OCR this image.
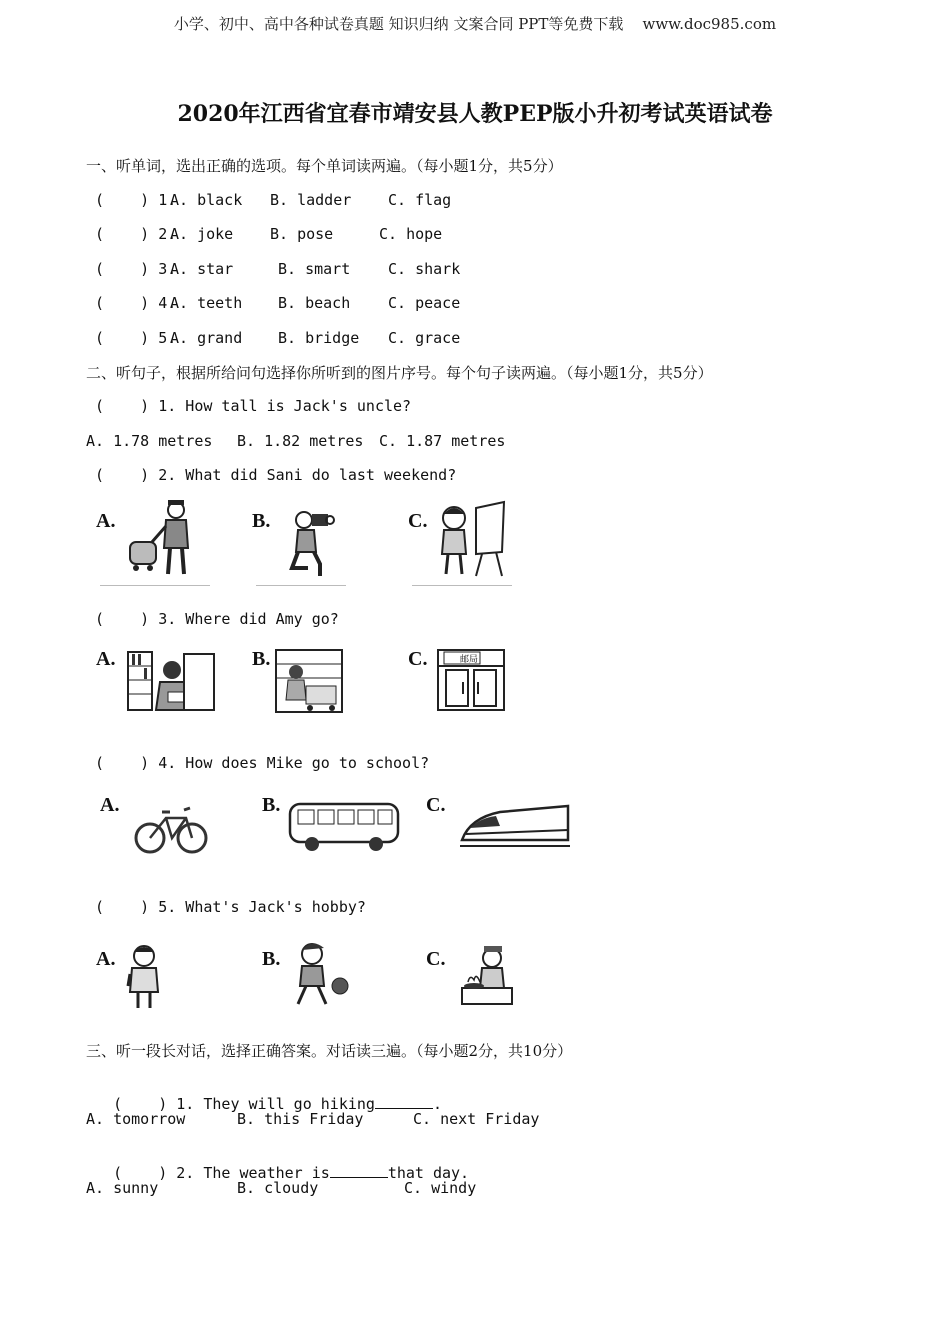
小学、初中、高中各种试卷真题 知识归纳 文案合同 PPT等免费下载    www.doc985.com
2020年江西省宜春市靖安县人教PEP版小升初考试英语试卷
一、听单词，选出正确的选项。每个单词读两遍。（每小题1分，共5分）
(    ) 1.
A. black B. ladder C. flag
(    ) 2.
A. joke B. pose	C. hope
(    ) 3.
A. star	B. smart	C. shark
(    ) 4.
A. teeth B. beach	C. peace
(    ) 5.
A. grand B. bridge C. grace
二、听句子，根据所给问句选择你所听到的图片序号。每个句子读两遍。（每小题1分，共5分）
(    ) 1. How tall is Jack's uncle?
A. 1.78 metres B. 1.82 metres C. 1.87 metres
(    ) 2. What did Sani do last weekend?
A.	B.	C.
(    ) 3. Where did Amy go?
A.	B.	C.	邮局
(    ) 4. How does Mike go to school?
A.	B.	C.
(    ) 5. What's Jack's hobby?
A.	B.	C.
三、听一段长对话，选择正确答案。对话读三遍。（每小题2分，共10分）

(    ) 1. They will go hiking	.

A. tomorrow	B. this Friday	C. next Friday

(    ) 2. The weather is	that day.

A. sunny	B. cloudy	C. windy
